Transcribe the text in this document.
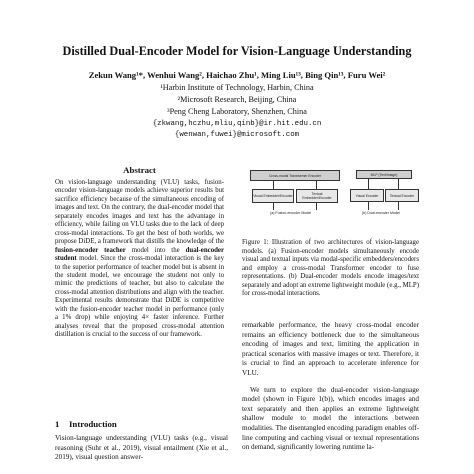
Distilled Dual-Encoder Model for Vision-Language Understanding
Zekun Wang¹*, Wenhui Wang², Haichao Zhu¹, Ming Liu¹³, Bing Qin¹³, Furu Wei²
¹Harbin Institute of Technology, Harbin, China
²Microsoft Research, Beijing, China
³Peng Cheng Laboratory, Shenzhen, China
{zkwang,hczhu,mliu,qinb}@ir.hit.edu.cn
{wenwan,fuwei}@microsoft.com
Abstract
On vision-language understanding (VLU) tasks, fusion-encoder vision-language models achieve superior results but sacrifice efficiency because of the simultaneous encoding of images and text. On the contrary, the dual-encoder model that separately encodes images and text has the advantage in efficiency, while failing on VLU tasks due to the lack of deep cross-modal interactions. To get the best of both worlds, we propose DiDE, a framework that distills the knowledge of the fusion-encoder teacher model into the dual-encoder student model. Since the cross-modal interaction is the key to the superior performance of teacher model but is absent in the student model, we encourage the student not only to mimic the predictions of teacher, but also to calculate the cross-modal attention distributions and align with the teacher. Experimental results demonstrate that DiDE is competitive with the fusion-encoder teacher model in performance (only a 1% drop) while enjoying 4× faster inference. Further analyses reveal that the proposed cross-modal attention distillation is crucial to the success of our framework.
1 Introduction
Vision-language understanding (VLU) tasks (e.g., visual reasoning (Suhr et al., 2019), visual entailment (Xie et al., 2019), visual question answer-
Cross-modal Transformer Encoder
Visual Embedder/Encoder	Textual Embedder/Encoder
(a) Fusion-encoder Model
MLP (Text/Image)
Visual Encoder	Textual Encoder
(b) Dual-encoder Model
Figure 1: Illustration of two architectures of vision-language models. (a) Fusion-encoder models simultaneously encode visual and textual inputs via modal-specific embedders/encoders and employ a cross-modal Transformer encoder to fuse representations. (b) Dual-encoder models encode images/text separately and adopt an extreme lightweight module (e.g., MLP) for cross-modal interactions.
remarkable performance, the heavy cross-modal encoder remains an efficiency bottleneck due to the simultaneous encoding of images and text, limiting the application in practical scenarios with massive images or text. Therefore, it is crucial to find an approach to accelerate inference for VLU.
We turn to explore the dual-encoder vision-language model (shown in Figure 1(b)), which encodes images and text separately and then applies an extreme lightweight shallow module to model the interactions between modalities. The disentangled encoding paradigm enables off-line computing and caching visual or textual representations on demand, significantly lowering runtime la-
